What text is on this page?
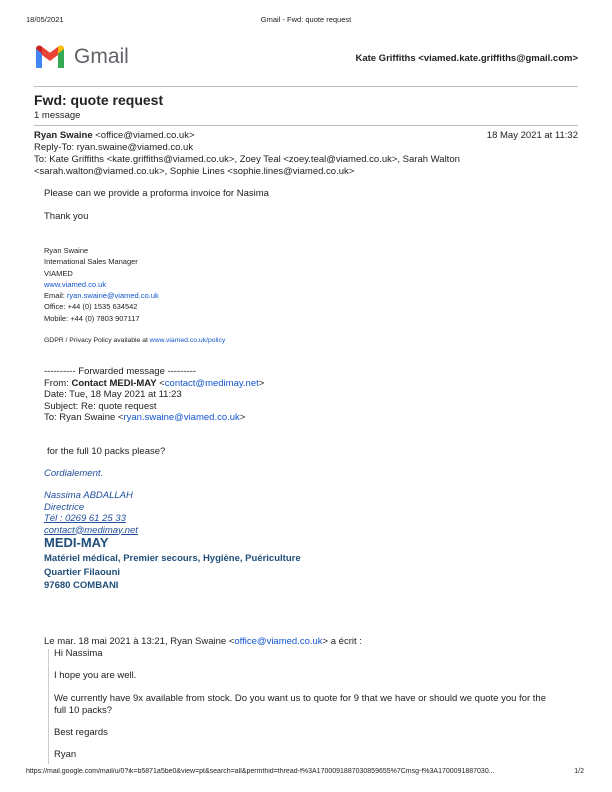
18/05/2021	Gmail - Fwd: quote request
Gmail	Kate Griffiths <viamed.kate.griffiths@gmail.com>
Fwd: quote request
1 message
Ryan Swaine <office@viamed.co.uk>	18 May 2021 at 11:32
Reply-To: ryan.swaine@viamed.co.uk
To: Kate Griffiths <kate.griffiths@viamed.co.uk>, Zoey Teal <zoey.teal@viamed.co.uk>, Sarah Walton
<sarah.walton@viamed.co.uk>, Sophie Lines <sophie.lines@viamed.co.uk>
Please can we provide a proforma invoice for Nasima
Thank you
Ryan Swaine
International Sales Manager
VIAMED
www.viamed.co.uk
Email: ryan.swaine@viamed.co.uk
Office: +44 (0) 1535 634542
Mobile: +44 (0) 7803 907117
GDPR / Privacy Policy available at www.viamed.co.uk/policy
---------- Forwarded message ---------
From: Contact MEDI-MAY <contact@medimay.net>
Date: Tue, 18 May 2021 at 11:23
Subject: Re: quote request
To: Ryan Swaine <ryan.swaine@viamed.co.uk>
for the full 10 packs please?
Cordialement.
Nassima ABDALLAH
Directrice
Tél : 0269 61 25 33
contact@medimay.net
MEDI-MAY
Matériel médical, Premier secours, Hygiène, Puériculture
Quartier Filaouni
97680 COMBANI
Le mar. 18 mai 2021 à 13:21, Ryan Swaine <office@viamed.co.uk> a écrit :
Hi Nassima
I hope you are well.
We currently have 9x available from stock. Do you want us to quote for 9 that we have or should we quote you for the
full 10 packs?
Best regards
Ryan
https://mail.google.com/mail/u/0?ik=b5871a5be0&view=pt&search=all&permthid=thread-f%3A1700091887030859655%7Cmsg-f%3A1700091887030...	1/2
